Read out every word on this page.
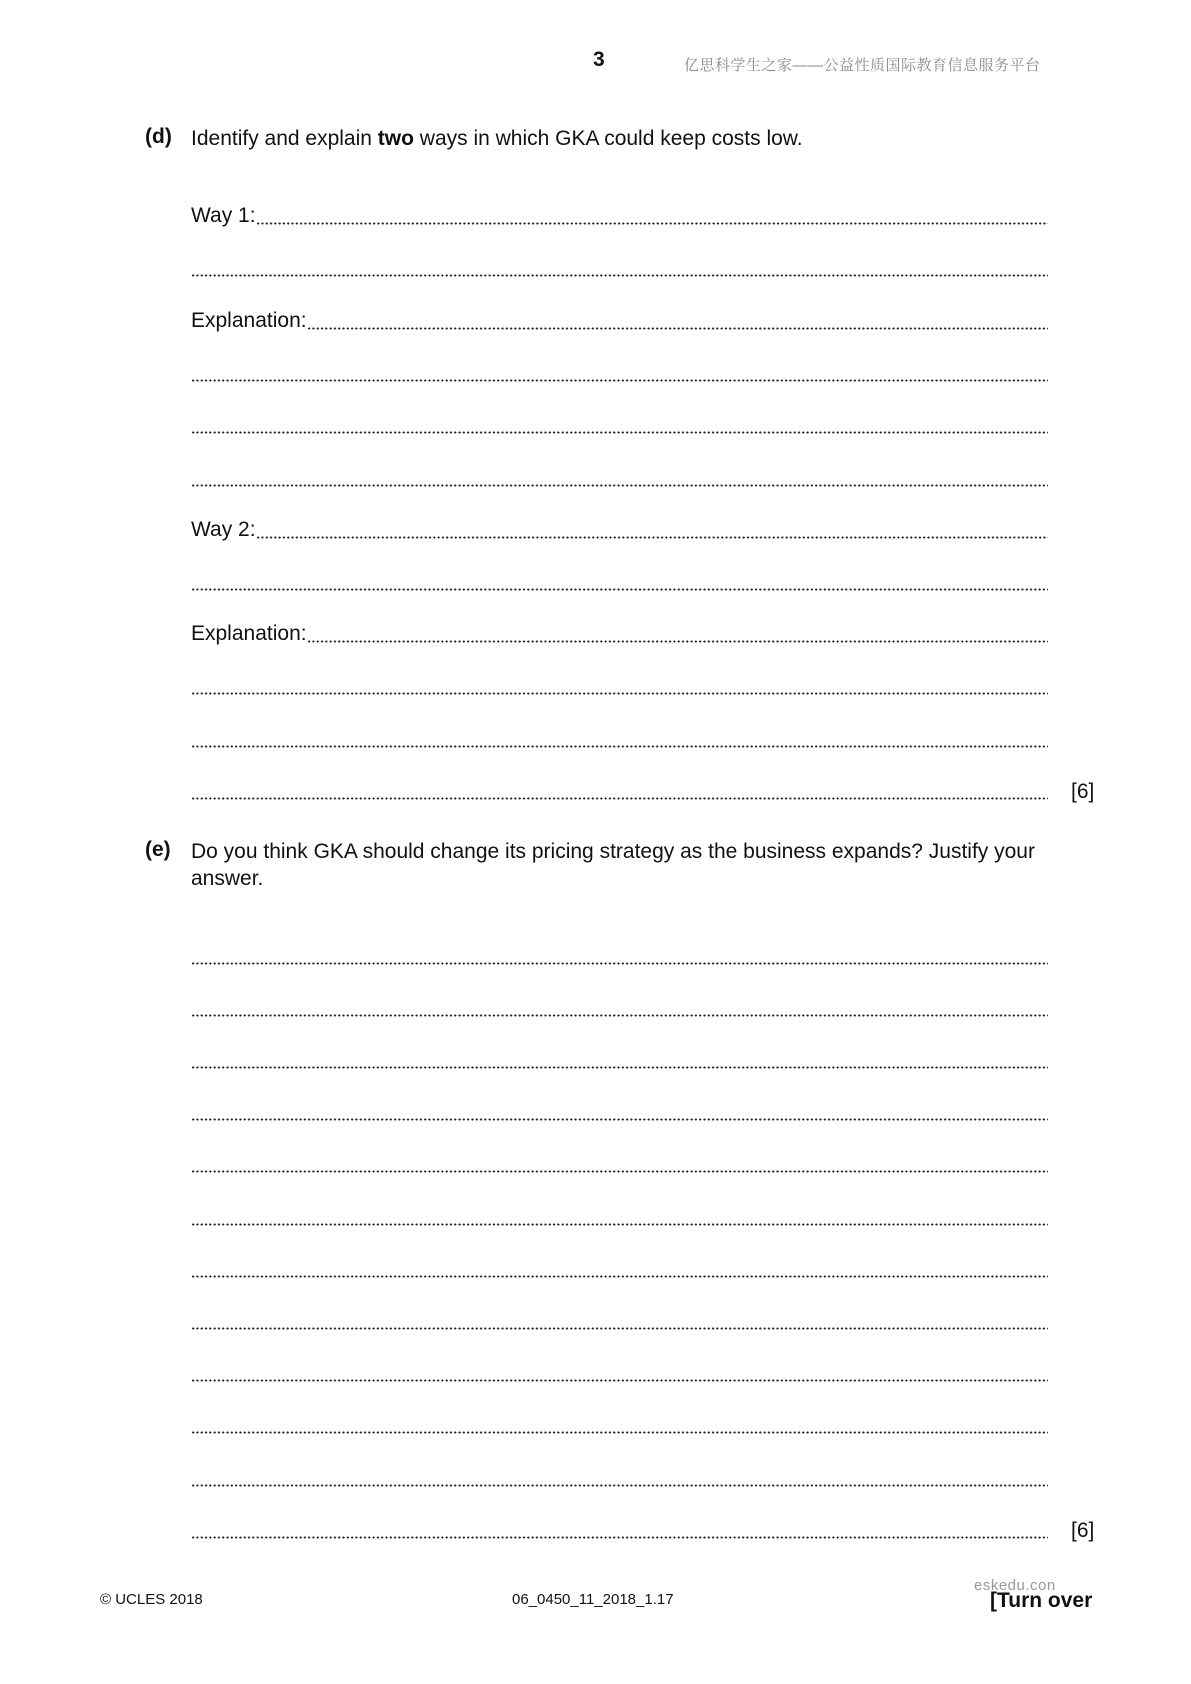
3	亿思科学生之家——公益性质国际教育信息服务平台
(d) Identify and explain two ways in which GKA could keep costs low.
Way 1:
Explanation:
Way 2:
Explanation:
[6]
(e) Do you think GKA should change its pricing strategy as the business expands? Justify your answer.
[6]
© UCLES 2018	06_0450_11_2018_1.17
eskedu.con
[Turn over
